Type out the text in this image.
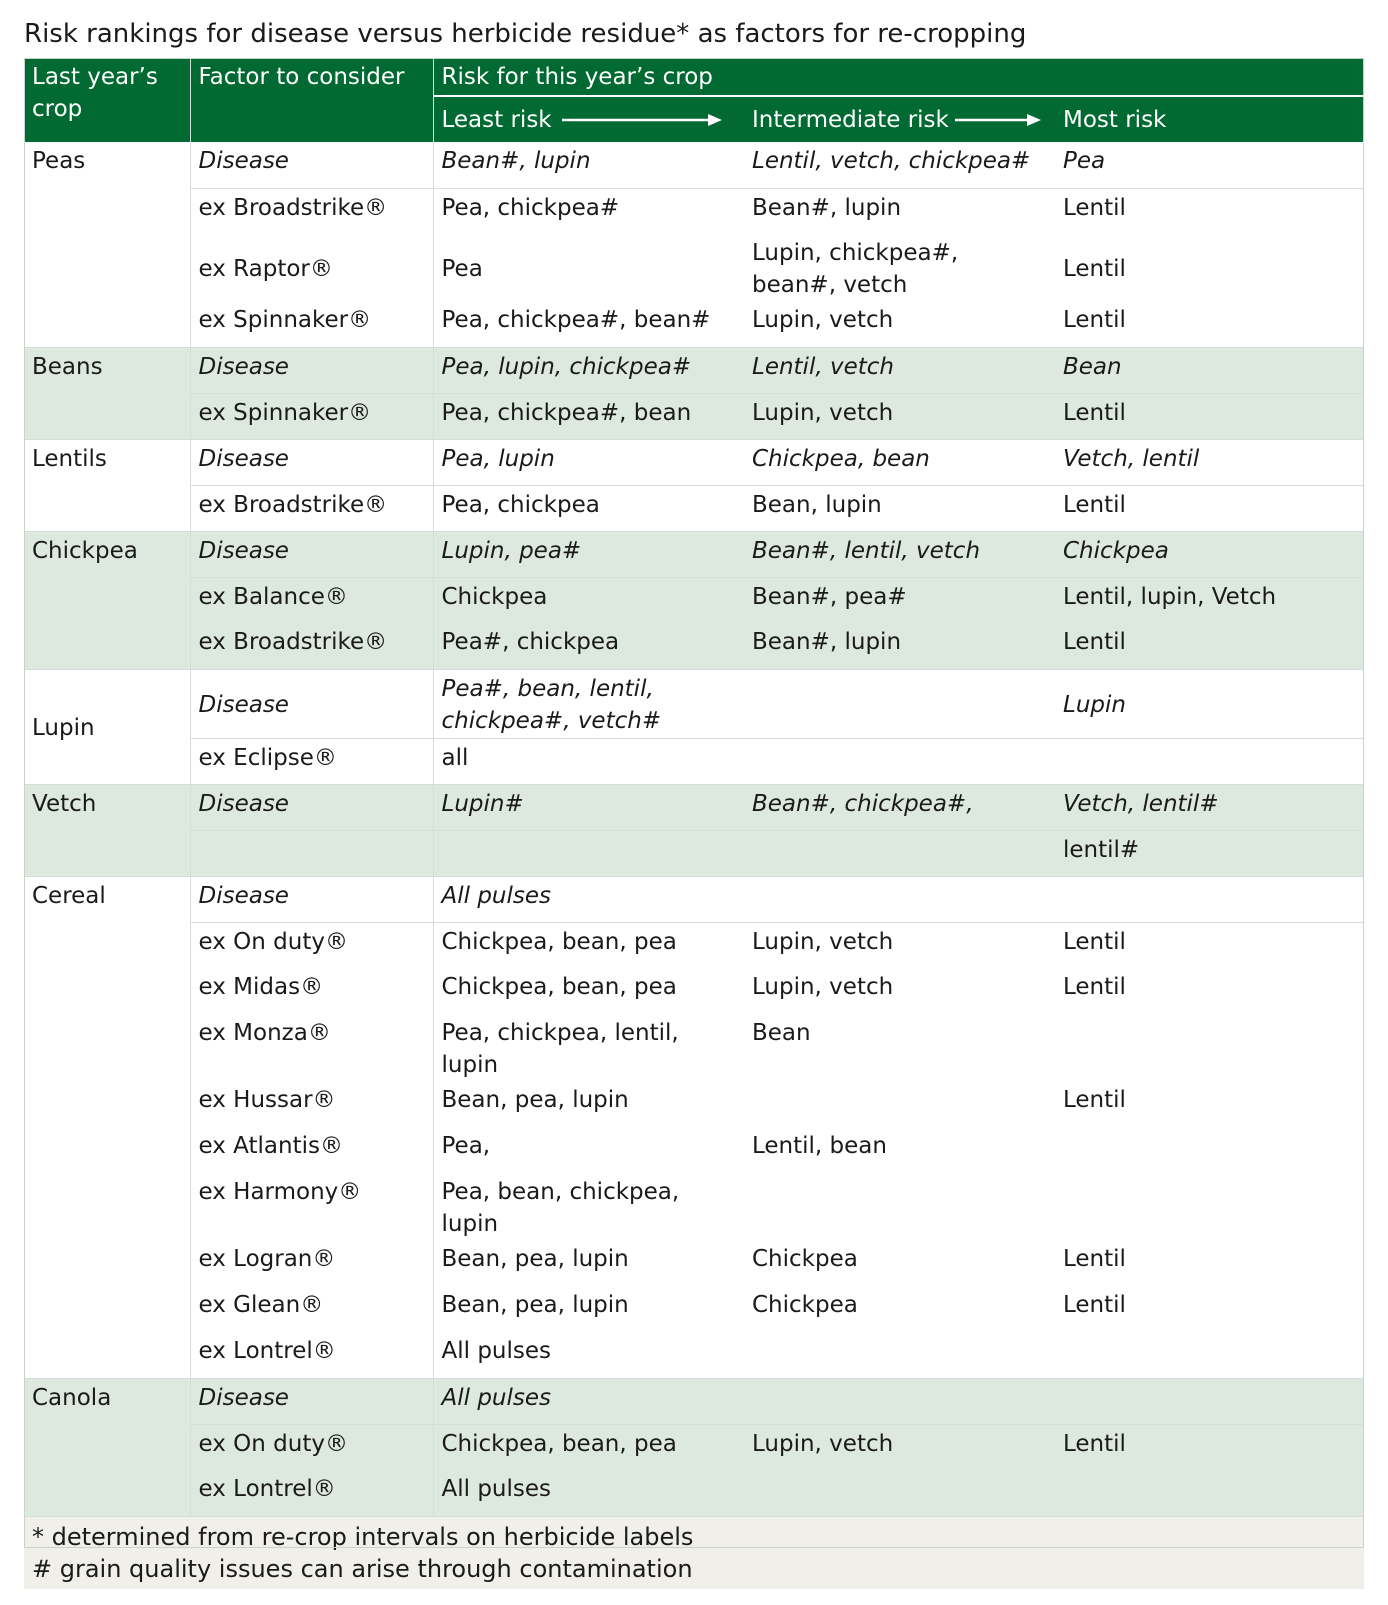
Risk rankings for disease versus herbicide residue* as factors for re-cropping
Last year’s crop	Factor to consider	Risk for this year’s crop		

		Least risk	Intermediate risk	Most risk
Peas	Disease	Bean#, lupin	Lentil, vetch, chickpea#	Pea
	ex Broadstrike®	Pea, chickpea#	Bean#, lupin	Lentil
	ex Raptor®	Pea	Lupin, chickpea#, bean#, vetch	Lentil
	ex Spinnaker®	Pea, chickpea#, bean#	Lupin, vetch	Lentil
Beans	Disease	Pea, lupin, chickpea#	Lentil, vetch	Bean
	ex Spinnaker®	Pea, chickpea#, bean	Lupin, vetch	Lentil
Lentils	Disease	Pea, lupin	Chickpea, bean	Vetch, lentil
	ex Broadstrike®	Pea, chickpea	Bean, lupin	Lentil
Chickpea	Disease	Lupin, pea#	Bean#, lentil, vetch	Chickpea
	ex Balance®	Chickpea	Bean#, pea#	Lentil, lupin, Vetch
	ex Broadstrike®	Pea#, chickpea	Bean#, lupin	Lentil
Lupin	Disease	Pea#, bean, lentil, chickpea#, vetch#		Lupin
	ex Eclipse®	all		
Vetch	Disease	Lupin#	Bean#, chickpea#,	Vetch, lentil#
				lentil#
Cereal	Disease	All pulses		
	ex On duty®	Chickpea, bean, pea	Lupin, vetch	Lentil
	ex Midas®	Chickpea, bean, pea	Lupin, vetch	Lentil
	ex Monza®	Pea, chickpea, lentil, lupin	Bean	
	ex Hussar®	Bean, pea, lupin		Lentil
	ex Atlantis®	Pea,	Lentil, bean	
	ex Harmony®	Pea, bean, chickpea, lupin		
	ex Logran®	Bean, pea, lupin	Chickpea	Lentil
	ex Glean®	Bean, pea, lupin	Chickpea	Lentil
	ex Lontrel®	All pulses		
Canola	Disease	All pulses		
	ex On duty®	Chickpea, bean, pea	Lupin, vetch	Lentil
	ex Lontrel®	All pulses		

* determined from re-crop intervals on herbicide labels
# grain quality issues can arise through contamination				
